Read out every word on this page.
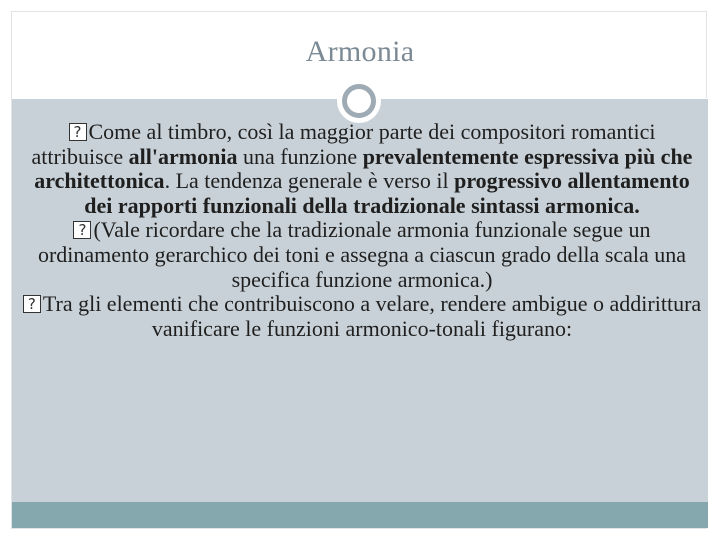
Armonia

?Come al timbro, così la maggior parte dei compositori romantici attribuisce all'armonia una funzione prevalentemente espressiva più che architettonica. La tendenza generale è verso il progressivo allentamento dei rapporti funzionali della tradizionale sintassi armonica.

?(Vale ricordare che la tradizionale armonia funzionale segue un ordinamento gerarchico dei toni e assegna a ciascun grado della scala una specifica funzione armonica.)

?Tra gli elementi che contribuiscono a velare, rendere ambigue o addirittura vanificare le funzioni armonico-tonali figurano:
